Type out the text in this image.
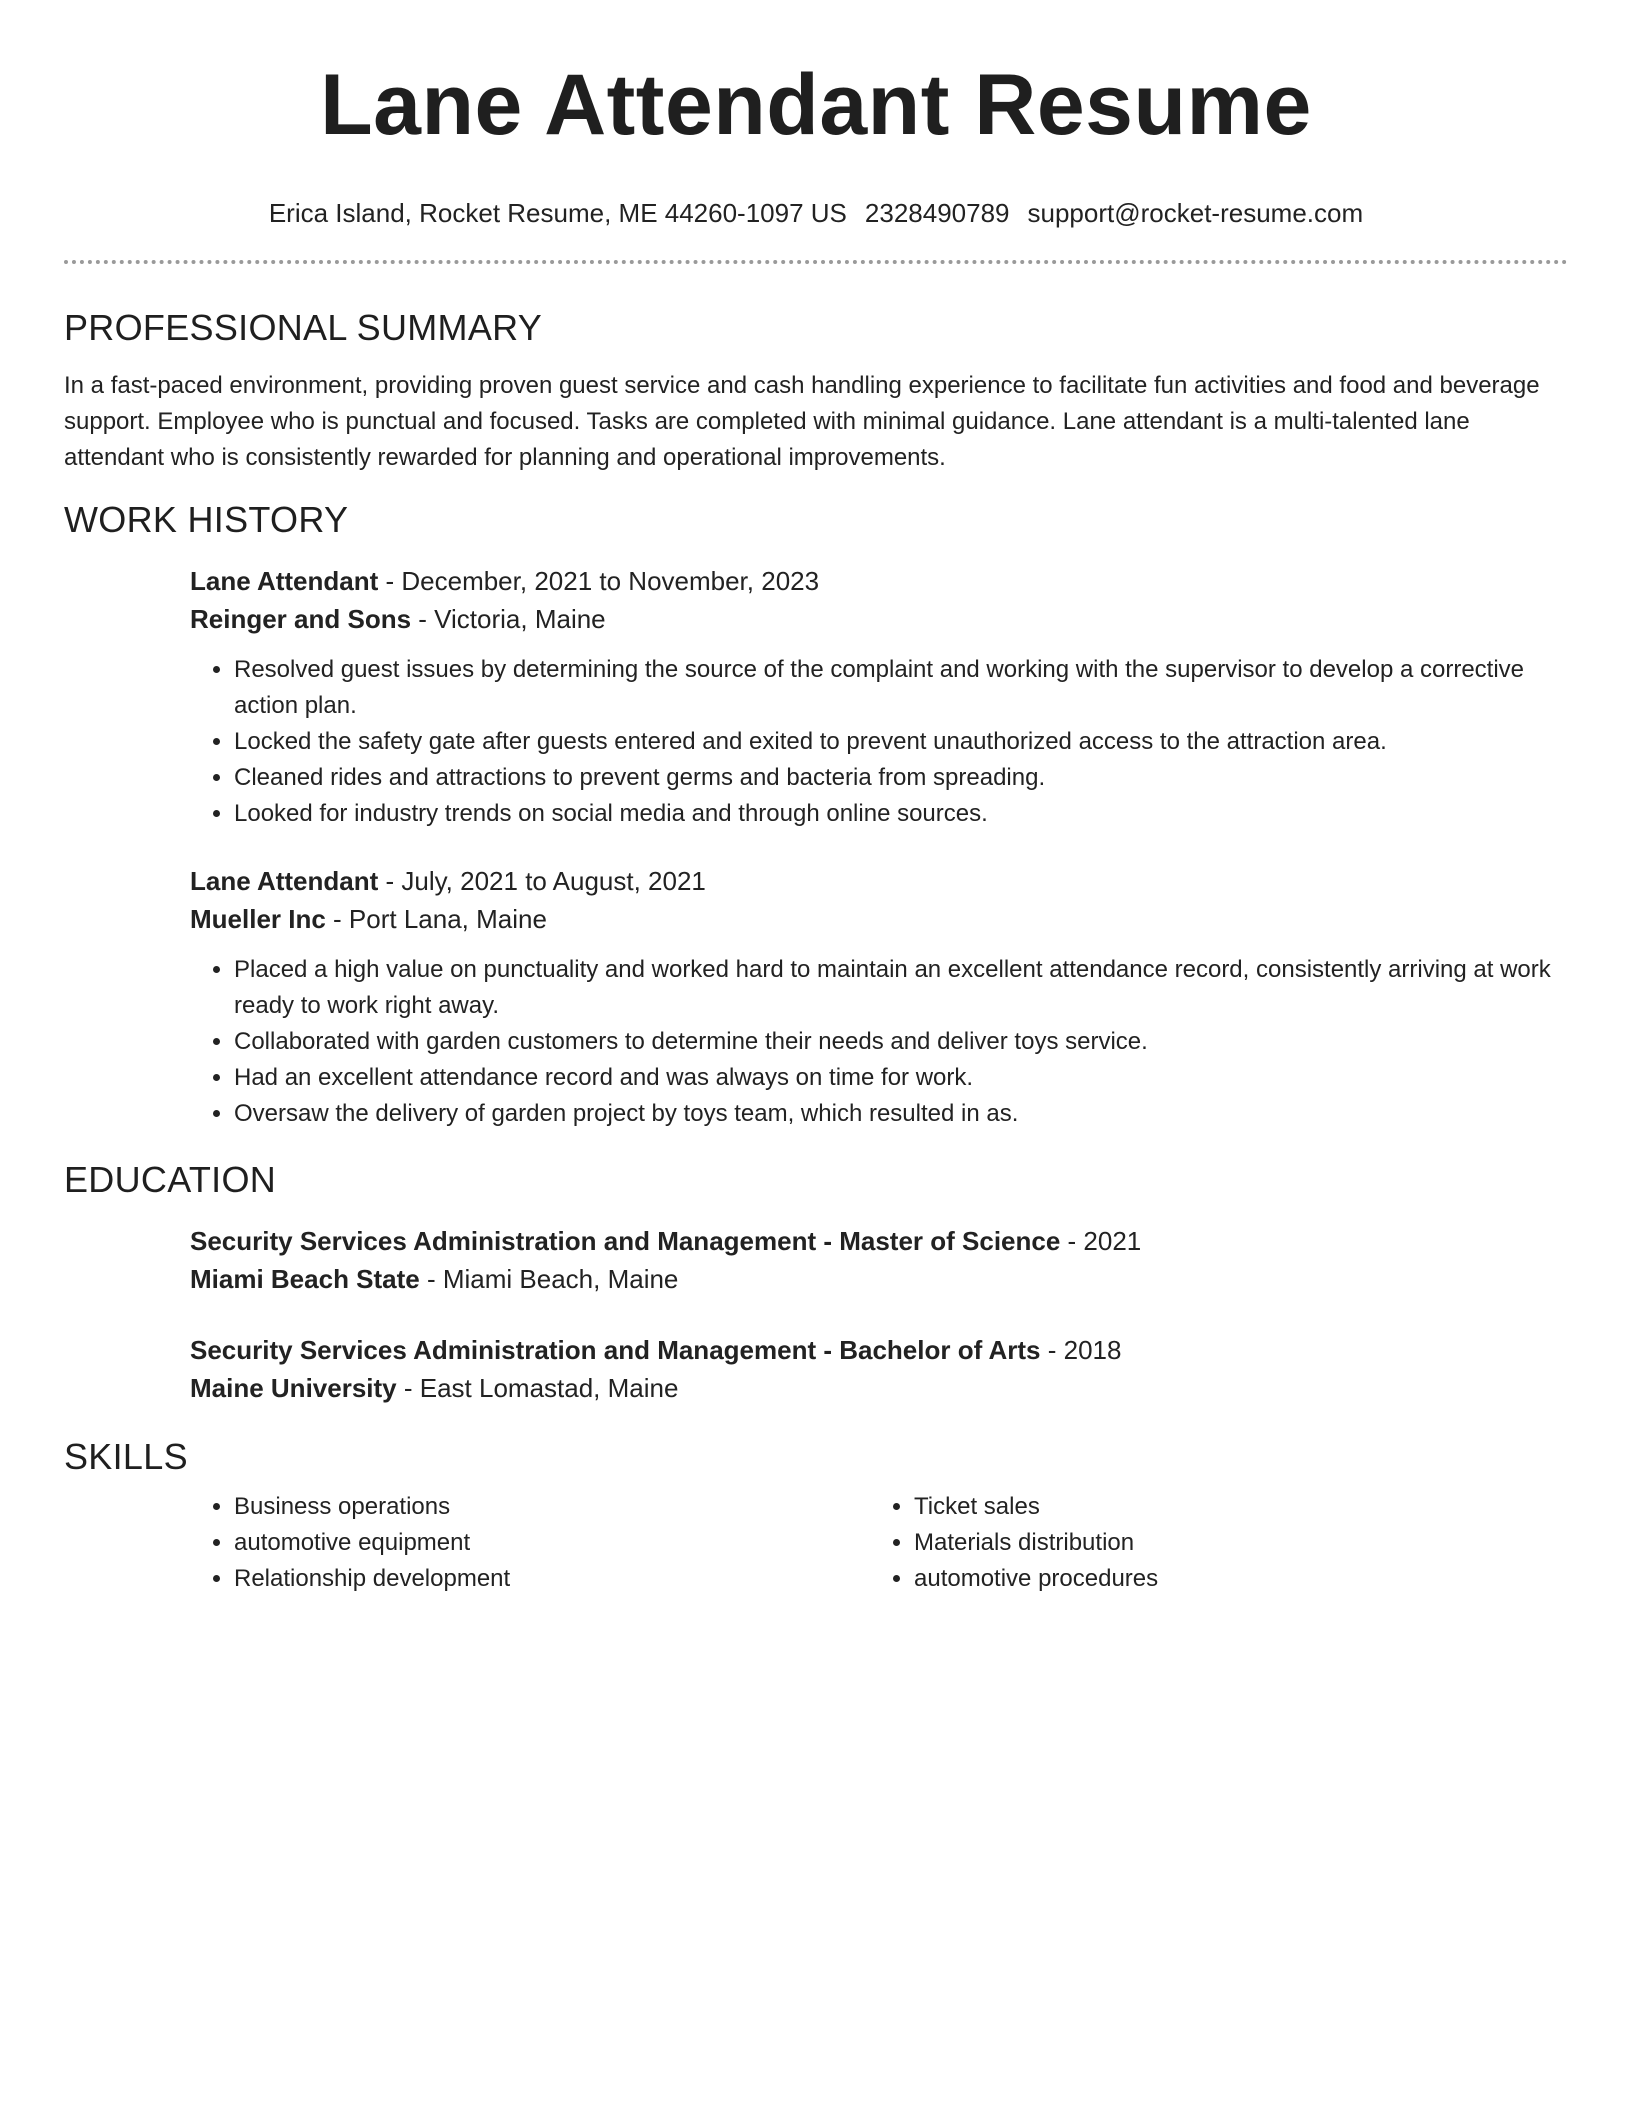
Lane Attendant Resume
Erica Island, Rocket Resume, ME 44260-1097 US 2328490789 support@rocket-resume.com
PROFESSIONAL SUMMARY

In a fast-paced environment, providing proven guest service and cash handling experience to facilitate fun activities and food and beverage support. Employee who is punctual and focused. Tasks are completed with minimal guidance. Lane attendant is a multi-talented lane attendant who is consistently rewarded for planning and operational improvements.

WORK HISTORY
Lane Attendant - December, 2021 to November, 2023
Reinger and Sons - Victoria, Maine
• Resolved guest issues by determining the source of the complaint and working with the supervisor to develop a corrective action plan.
• Locked the safety gate after guests entered and exited to prevent unauthorized access to the attraction area.
• Cleaned rides and attractions to prevent germs and bacteria from spreading.
• Looked for industry trends on social media and through online sources.
Lane Attendant - July, 2021 to August, 2021
Mueller Inc - Port Lana, Maine
• Placed a high value on punctuality and worked hard to maintain an excellent attendance record, consistently arriving at work ready to work right away.
• Collaborated with garden customers to determine their needs and deliver toys service.
• Had an excellent attendance record and was always on time for work.
• Oversaw the delivery of garden project by toys team, which resulted in as.
EDUCATION
Security Services Administration and Management - Master of Science - 2021
Miami Beach State - Miami Beach, Maine
Security Services Administration and Management - Bachelor of Arts - 2018
Maine University - East Lomastad, Maine
SKILLS
• Business operations
• automotive equipment
• Relationship development
• Ticket sales
• Materials distribution
• automotive procedures
